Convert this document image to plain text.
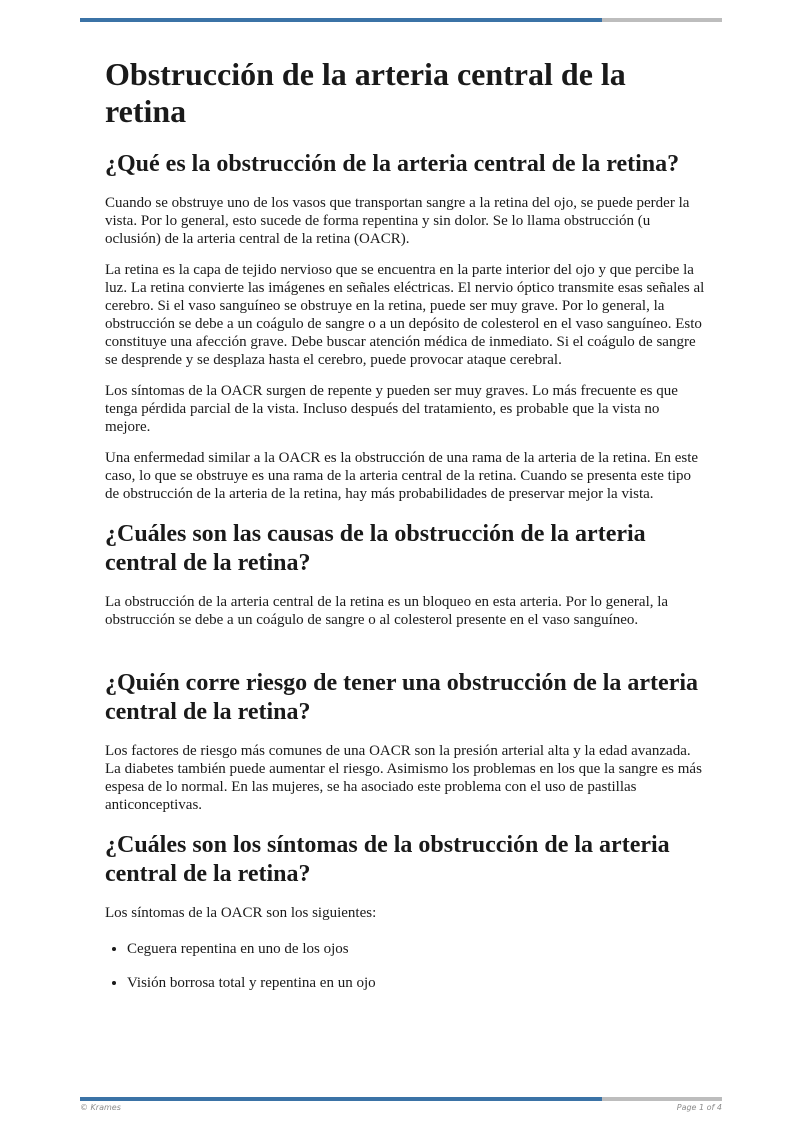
Obstrucción de la arteria central de la retina
¿Qué es la obstrucción de la arteria central de la retina?

Cuando se obstruye uno de los vasos que transportan sangre a la retina del ojo, se puede perder la vista. Por lo general, esto sucede de forma repentina y sin dolor. Se lo llama obstrucción (u oclusión) de la arteria central de la retina (OACR).

La retina es la capa de tejido nervioso que se encuentra en la parte interior del ojo y que percibe la luz. La retina convierte las imágenes en señales eléctricas. El nervio óptico transmite esas señales al cerebro. Si el vaso sanguíneo se obstruye en la retina, puede ser muy grave. Por lo general, la obstrucción se debe a un coágulo de sangre o a un depósito de colesterol en el vaso sanguíneo. Esto constituye una afección grave. Debe buscar atención médica de inmediato. Si el coágulo de sangre se desprende y se desplaza hasta el cerebro, puede provocar ataque cerebral.

Los síntomas de la OACR surgen de repente y pueden ser muy graves. Lo más frecuente es que tenga pérdida parcial de la vista. Incluso después del tratamiento, es probable que la vista no mejore.

Una enfermedad similar a la OACR es la obstrucción de una rama de la arteria de la retina. En este caso, lo que se obstruye es una rama de la arteria central de la retina. Cuando se presenta este tipo de obstrucción de la arteria de la retina, hay más probabilidades de preservar mejor la vista.

¿Cuáles son las causas de la obstrucción de la arteria central de la retina?

La obstrucción de la arteria central de la retina es un bloqueo en esta arteria. Por lo general, la obstrucción se debe a un coágulo de sangre o al colesterol presente en el vaso sanguíneo.

¿Quién corre riesgo de tener una obstrucción de la arteria central de la retina?

Los factores de riesgo más comunes de una OACR son la presión arterial alta y la edad avanzada. La diabetes también puede aumentar el riesgo. Asimismo los problemas en los que la sangre es más espesa de lo normal. En las mujeres, se ha asociado este problema con el uso de pastillas anticonceptivas.

¿Cuáles son los síntomas de la obstrucción de la arteria central de la retina?

Los síntomas de la OACR son los siguientes:

• Ceguera repentina en uno de los ojos
• Visión borrosa total y repentina en un ojo
© Krames	Page 1 of 4
